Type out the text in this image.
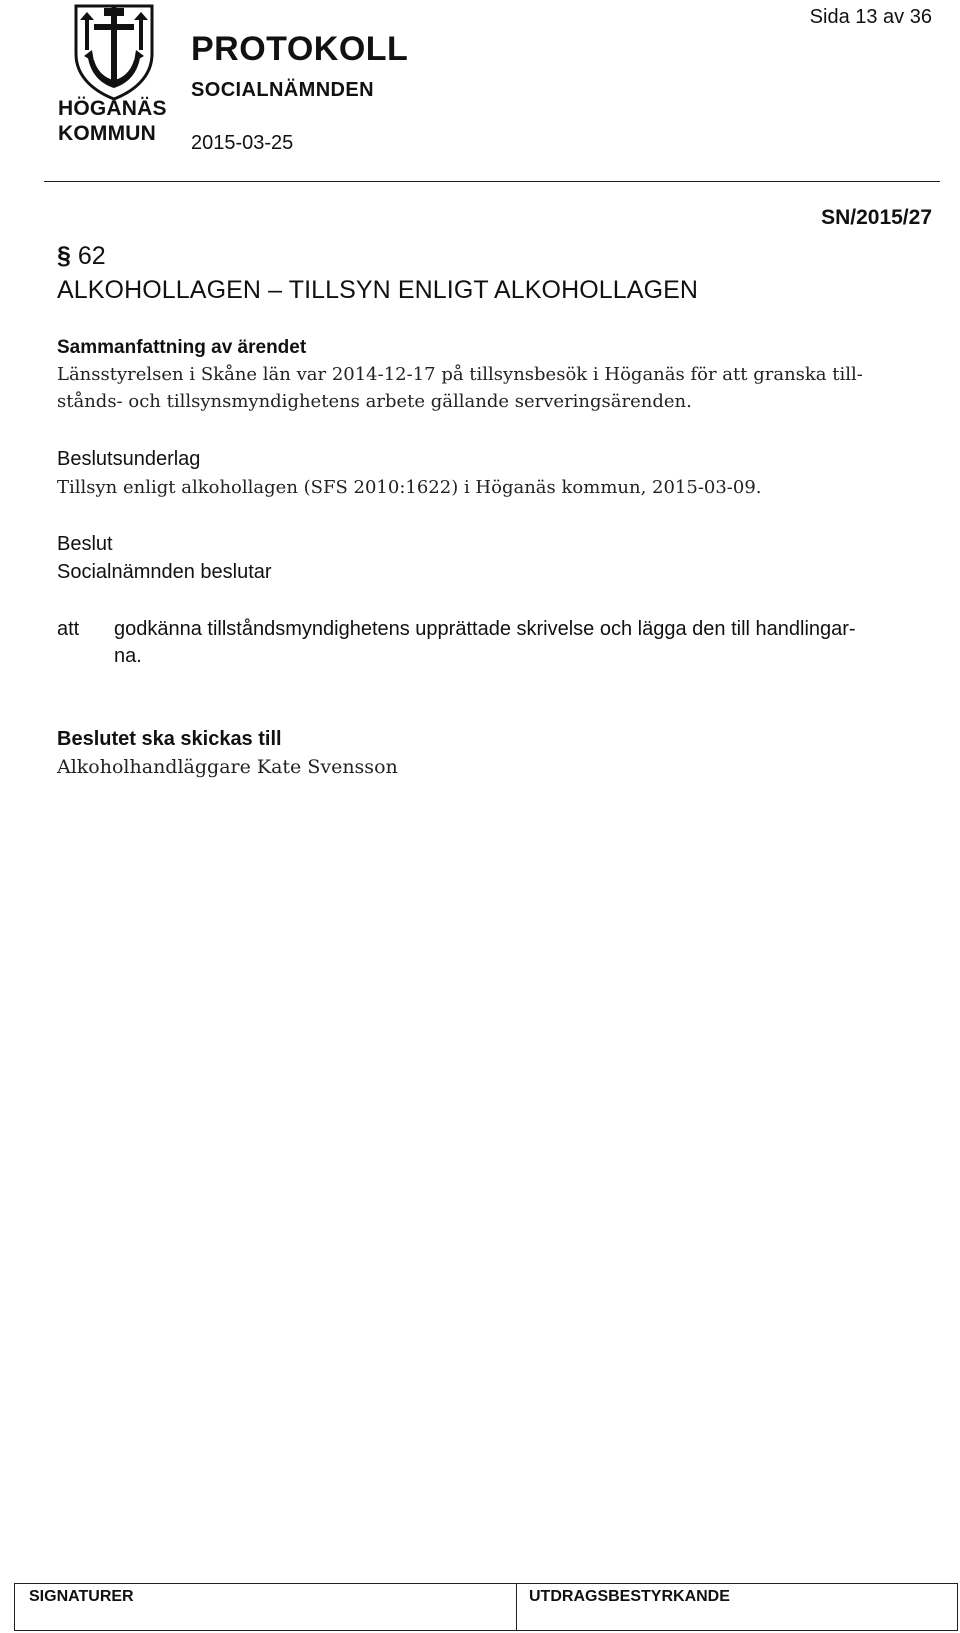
HÖGANÄS
KOMMUN
PROTOKOLL
SOCIALNÄMNDEN
2015-03-25
Sida 13 av 36
SN/2015/27
§ 62
ALKOHOLLAGEN – TILLSYN ENLIGT ALKOHOLLAGEN
Sammanfattning av ärendet
Länsstyrelsen i Skåne län var 2014-12-17 på tillsynsbesök i Höganäs för att granska till-
stånds- och tillsynsmyndighetens arbete gällande serveringsärenden.
Beslutsunderlag
Tillsyn enligt alkohollagen (SFS 2010:1622) i Höganäs kommun, 2015-03-09.
Beslut
Socialnämnden beslutar
att godkänna tillståndsmyndighetens upprättade skrivelse och lägga den till handlingar-
na.
Beslutet ska skickas till
Alkoholhandläggare Kate Svensson
SIGNATURER	UTDRAGSBESTYRKANDE
